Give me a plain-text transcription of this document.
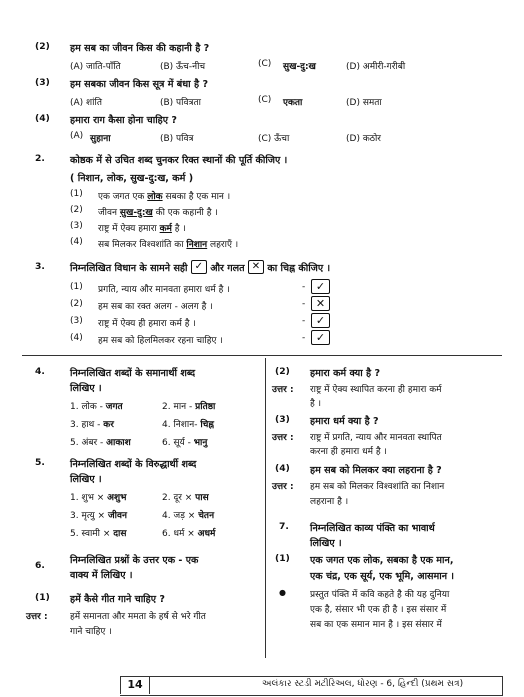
(2) हम सब का जीवन किस की कहानी है ?
(A) जाति-पाँति	(B) ऊँच-नीच	(C) सुख-दु:ख	(D) अमीरी-गरीबी
(3) हम सबका जीवन किस सूत्र में बंधा है ?
(A) शांति	(B) पवित्रता	(C) एकता	(D) समता
(4) हमारा राग कैसा होना चाहिए ?
(A) सुहाना	(B) पवित्र	(C) ऊँचा	(D) कठोर
2.	कोष्ठक में से उचित शब्द चुनकर रिक्त स्थानों की पूर्ति कीजिए ।
( निशान, लोक, सुख-दु:ख, कर्म )
(1) एक जगत एक लोक सबका है एक मान ।
(2) जीवन सुख-दु:ख की एक कहानी है ।
(3) राष्ट्र में ऐक्य हमारा कर्म है ।
(4) सब मिलकर विश्वशांति का निशान लहराएँ ।
3.	निम्नलिखित विधान के सामने सही ✓ और गलत ✕ का चिह्न कीजिए ।
(1) प्रगति, न्याय और मानवता हमारा धर्म है ।	- ✓
(2) हम सब का रक्त अलग - अलग है ।	- ✕
(3) राष्ट्र में ऐक्य ही हमारा कर्म है ।	- ✓
(4) हम सब को हिलमिलकर रहना चाहिए ।	- ✓
4.	निम्नलिखित शब्दों के समानार्थी शब्द
लिखिए ।
1. लोक - जगत	2. मान - प्रतिष्ठा
3. हाथ - कर	4. निशान- चिह्न
5. अंबर - आकाश	6. सूर्य - भानु
5.	निम्नलिखित शब्दों के विरुद्धार्थी शब्द
लिखिए ।
1. शुभ × अशुभ	2. दूर × पास
3. मृत्यु × जीवन	4. जड़ × चेतन
5. स्वामी × दास	6. धर्म × अधर्म
6.	निम्नलिखित प्रश्नों के उत्तर एक - एक
वाक्य में लिखिए ।
(1) हमें कैसे गीत गाने चाहिए ?
उत्तर : हमें समानता और ममता के हर्ष से भरे गीत
गाने चाहिए ।
(2) हमारा कर्म क्या है ?
उत्तर : राष्ट्र में ऐक्य स्थापित करना ही हमारा कर्म
है ।
(3) हमारा धर्म क्या है ?
उत्तर : राष्ट्र में प्रगति, न्याय और मानवता स्थापित
करना ही हमारा धर्म है ।
(4) हम सब को मिलकर क्या लहराना है ?
उत्तर : हम सब को मिलकर विश्वशांति का निशान
लहराना है ।
7. निम्नलिखित काव्य पंक्ति का भावार्थ
लिखिए ।
(1) एक जगत एक लोक, सबका है एक मान,
एक चंद्र, एक सूर्य, एक भूमि, आसमान ।
●	प्रस्तुत पंक्ति में कवि कहते है की यह दुनिया
एक है, संसार भी एक ही है । इस संसार में
सब का एक समान मान है । इस संसार में
14	અલંકાર સ્ટડી મટીરિઅલ, ધોરણ - 6, હિન્દી (પ્રથમ સત્ર)
